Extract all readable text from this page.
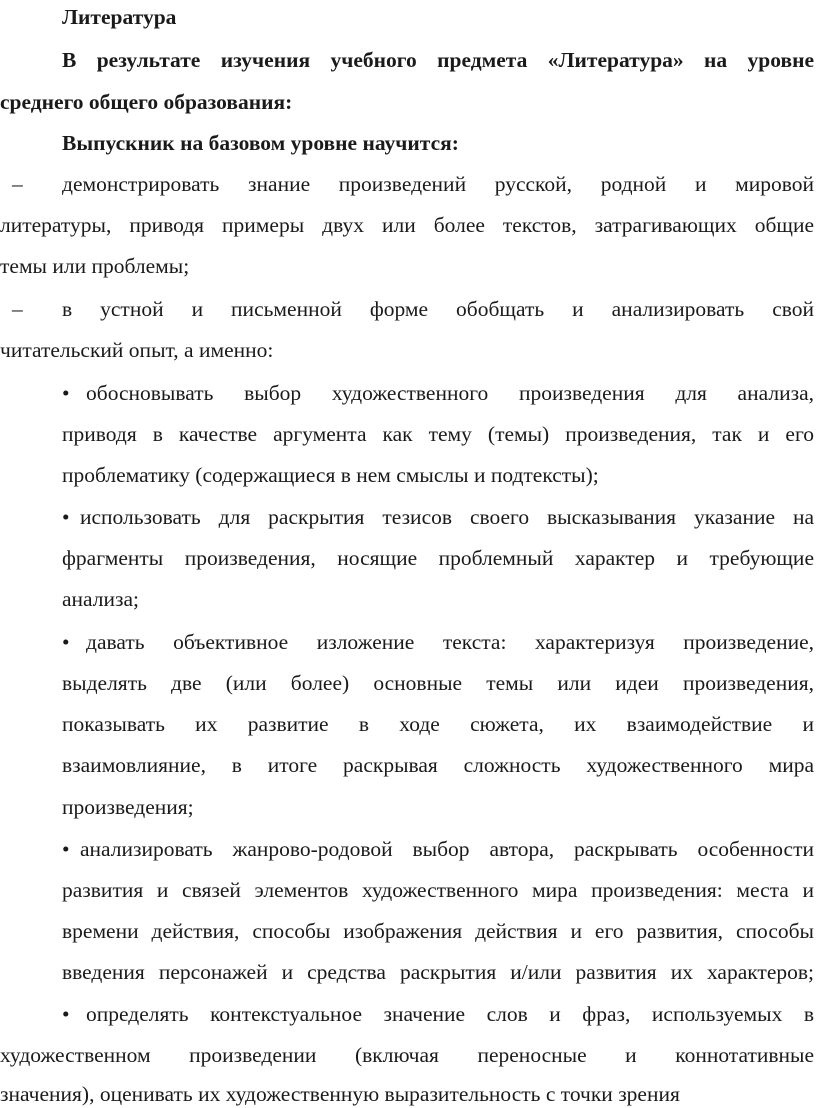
Литература
В результате изучения учебного предмета «Литература» на уровне
среднего общего образования:
Выпускник на базовом уровне научится:
– демонстрировать знание произведений русской, родной и мировой
литературы, приводя примеры двух или более текстов, затрагивающих общие
темы или проблемы;
– в устной и письменной форме обобщать и анализировать свой
читательский опыт, а именно:
• обосновывать выбор художественного произведения для анализа,
приводя в качестве аргумента как тему (темы) произведения, так и его
проблематику (содержащиеся в нем смыслы и подтексты);
• использовать для раскрытия тезисов своего высказывания указание на
фрагменты произведения, носящие проблемный характер и требующие
анализа;
• давать объективное изложение текста: характеризуя произведение,
выделять две (или более) основные темы или идеи произведения,
показывать их развитие в ходе сюжета, их взаимодействие и
взаимовлияние, в итоге раскрывая сложность художественного мира
произведения;
• анализировать жанрово-родовой выбор автора, раскрывать особенности
развития и связей элементов художественного мира произведения: места и
времени действия, способы изображения действия и его развития, способы
введения персонажей и средства раскрытия и/или развития их характеров;
• определять контекстуальное значение слов и фраз, используемых в
художественном произведении (включая переносные и коннотативные
значения), оценивать их художественную выразительность с точки зрения
